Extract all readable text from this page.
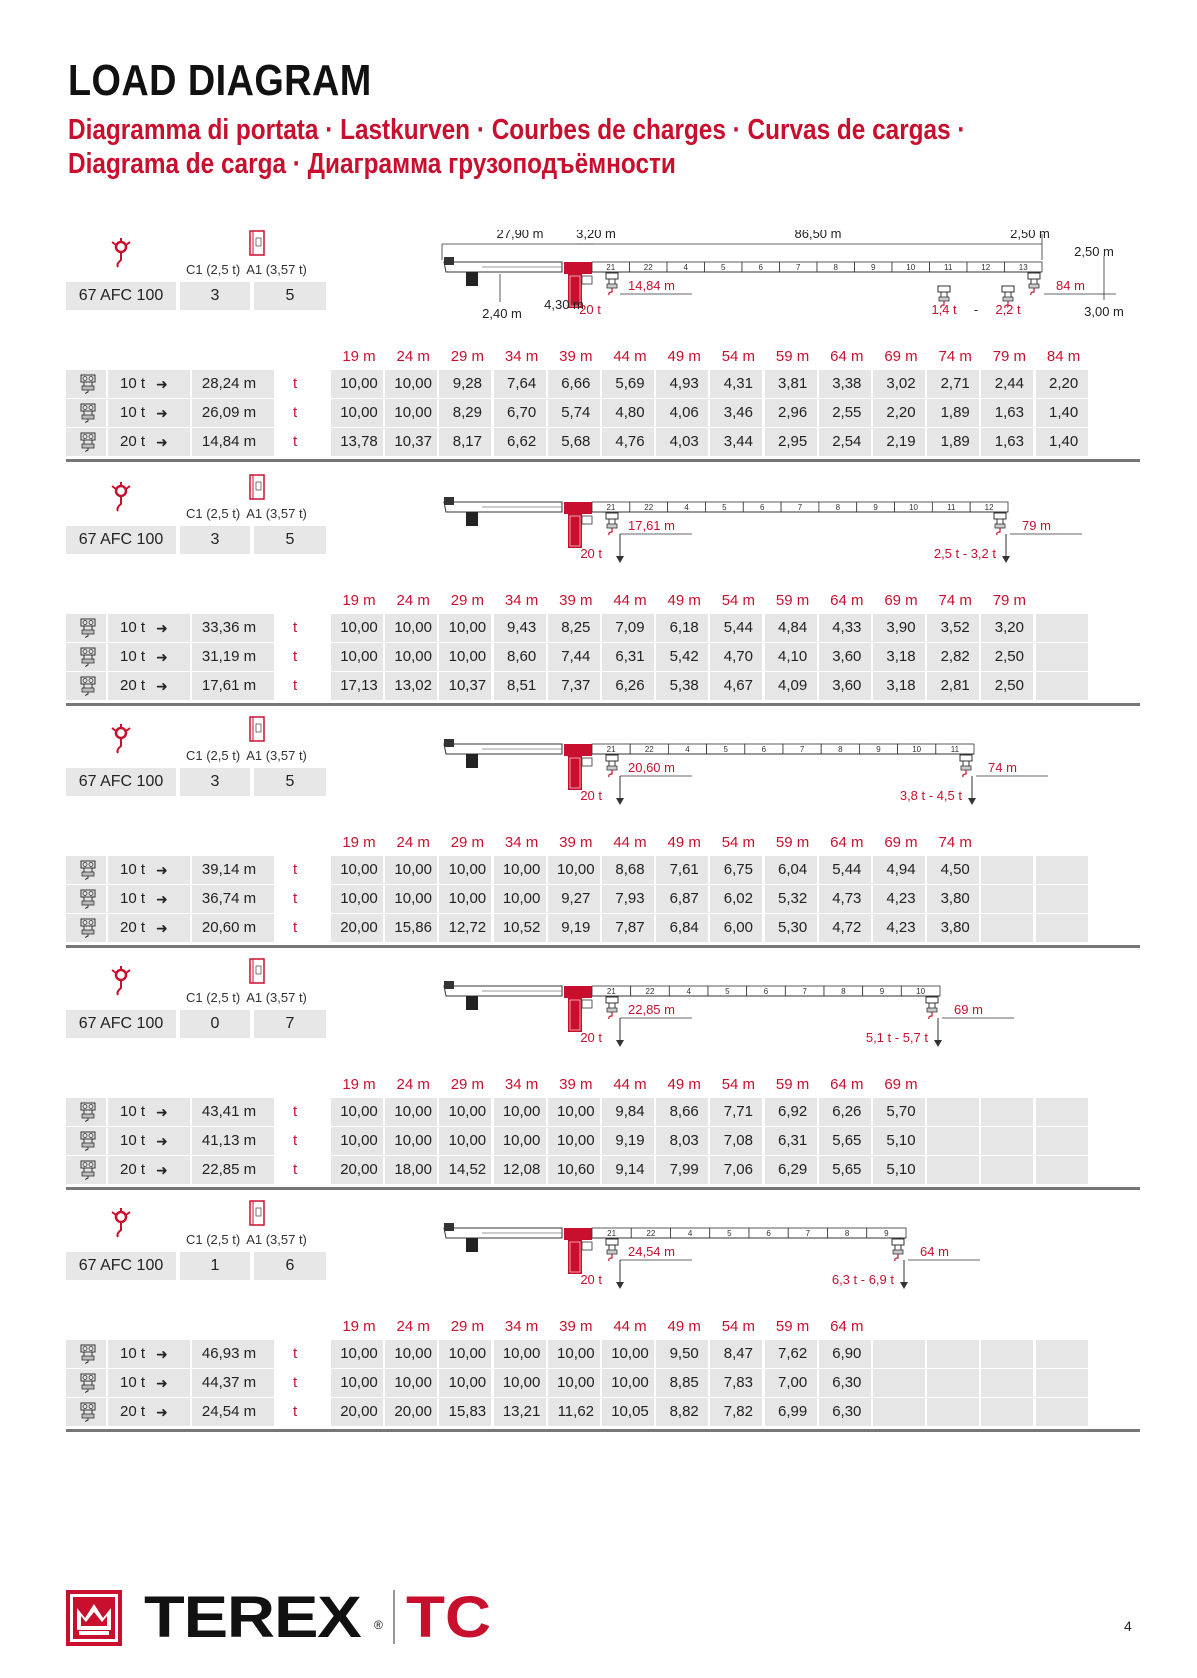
LOAD DIAGRAM
Diagramma di portata · Lastkurven · Courbes de charges · Curvas de cargas ·
Diagrama de carga · Диаграмма грузоподъёмности
C1 (2,5 t) A1 (3,57 t)
67 AFC 100	3	5
21	22	4	5	6	7	8	9	10	11	12	13
14,84 m	84 m
27,90 m	3,20 m	86,50 m	2,50 m
2,50 m
2,40 m
4,30 m	3,00 m
20 t	1,4 t - 2,2 t
19 m	24 m	29 m	34 m	39 m	44 m	49 m	54 m	59 m	64 m	69 m	74 m	79 m	84 m
10 t ➜	28,24 m	t	10,00	10,00	9,28	7,64	6,66	5,69	4,93	4,31	3,81	3,38	3,02	2,71	2,44	2,20
10 t ➜	26,09 m	t	10,00	10,00	8,29	6,70	5,74	4,80	4,06	3,46	2,96	2,55	2,20	1,89	1,63	1,40
20 t ➜	14,84 m	t	13,78	10,37	8,17	6,62	5,68	4,76	4,03	3,44	2,95	2,54	2,19	1,89	1,63	1,40
C1 (2,5 t) A1 (3,57 t)
67 AFC 100	3	5
21	22	4	5	6	7	8	9	10	11	12
17,61 m	79 m
20 t	2,5 t - 3,2 t
19 m	24 m	29 m	34 m	39 m	44 m	49 m	54 m	59 m	64 m	69 m	74 m	79 m
10 t ➜	33,36 m	t	10,00	10,00	10,00	9,43	8,25	7,09	6,18	5,44	4,84	4,33	3,90	3,52	3,20
10 t ➜	31,19 m	t	10,00	10,00	10,00	8,60	7,44	6,31	5,42	4,70	4,10	3,60	3,18	2,82	2,50
20 t ➜	17,61 m	t	17,13	13,02	10,37	8,51	7,37	6,26	5,38	4,67	4,09	3,60	3,18	2,81	2,50
C1 (2,5 t) A1 (3,57 t)
67 AFC 100	3	5
21	22	4	5	6	7	8	9	10	11
20,60 m	74 m
20 t	3,8 t - 4,5 t
19 m	24 m	29 m	34 m	39 m	44 m	49 m	54 m	59 m	64 m	69 m	74 m
10 t ➜	39,14 m	t	10,00	10,00	10,00	10,00	10,00	8,68	7,61	6,75	6,04	5,44	4,94	4,50
10 t ➜	36,74 m	t	10,00	10,00	10,00	10,00	9,27	7,93	6,87	6,02	5,32	4,73	4,23	3,80
20 t ➜	20,60 m	t	20,00	15,86	12,72	10,52	9,19	7,87	6,84	6,00	5,30	4,72	4,23	3,80
C1 (2,5 t) A1 (3,57 t)
67 AFC 100	0	7
21	22	4	5	6	7	8	9	10
22,85 m	69 m
20 t	5,1 t - 5,7 t
19 m	24 m	29 m	34 m	39 m	44 m	49 m	54 m	59 m	64 m	69 m
10 t ➜	43,41 m	t	10,00	10,00	10,00	10,00	10,00	9,84	8,66	7,71	6,92	6,26	5,70
10 t ➜	41,13 m	t	10,00	10,00	10,00	10,00	10,00	9,19	8,03	7,08	6,31	5,65	5,10
20 t ➜	22,85 m	t	20,00	18,00	14,52	12,08	10,60	9,14	7,99	7,06	6,29	5,65	5,10
C1 (2,5 t) A1 (3,57 t)
67 AFC 100	1	6
21	22	4	5	6	7	8	9
24,54 m	64 m
20 t	6,3 t - 6,9 t
19 m	24 m	29 m	34 m	39 m	44 m	49 m	54 m	59 m	64 m
10 t ➜	46,93 m	t	10,00	10,00	10,00	10,00	10,00	10,00	9,50	8,47	7,62	6,90
10 t ➜	44,37 m	t	10,00	10,00	10,00	10,00	10,00	10,00	8,85	7,83	7,00	6,30
20 t ➜	24,54 m	t	20,00	20,00	15,83	13,21	11,62	10,05	8,82	7,82	6,99	6,30
TEREX ® TC	4
